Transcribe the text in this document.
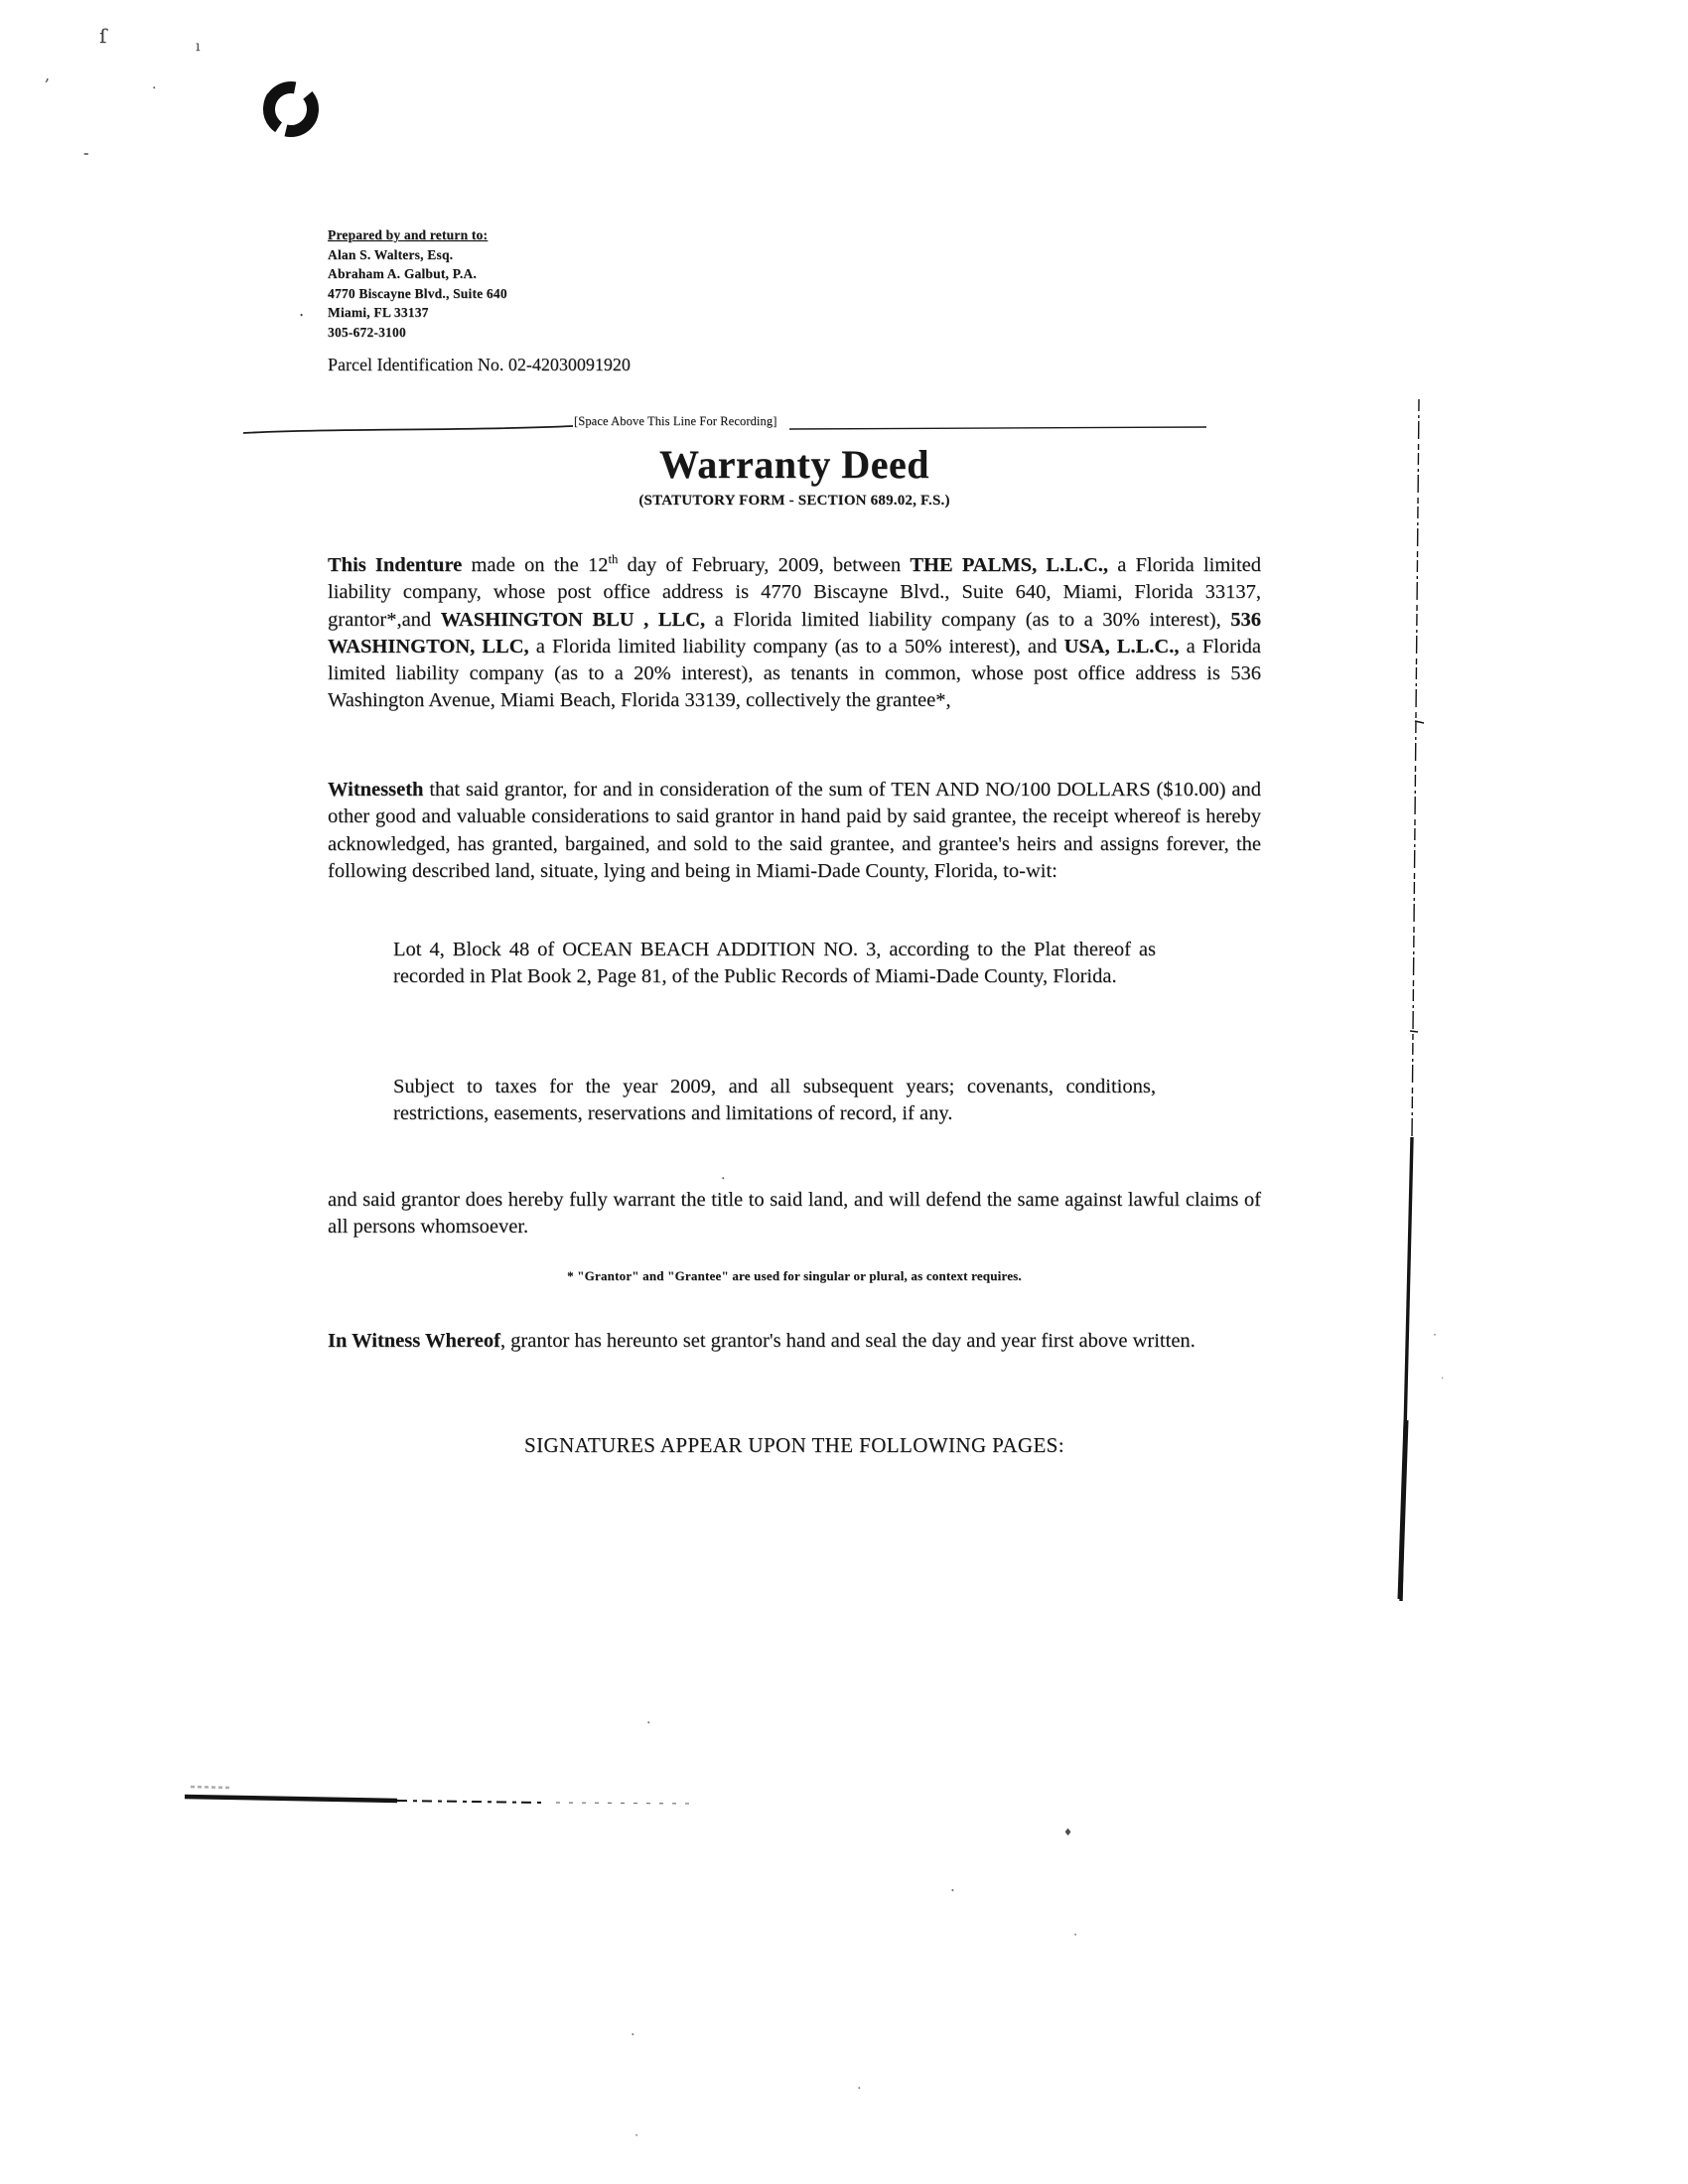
Prepared by and return to:
Alan S. Walters, Esq.
Abraham A. Galbut, P.A.
4770 Biscayne Blvd., Suite 640
Miami, FL 33137
305-672-3100
Parcel Identification No. 02-42030091920
[Space Above This Line For Recording]
Warranty Deed
(STATUTORY FORM - SECTION 689.02, F.S.)
This Indenture made on the 12th day of February, 2009, between THE PALMS, L.L.C., a Florida limited liability company, whose post office address is 4770 Biscayne Blvd., Suite 640, Miami, Florida 33137, grantor*,and WASHINGTON BLU , LLC, a Florida limited liability company (as to a 30% interest), 536 WASHINGTON, LLC, a Florida limited liability company (as to a 50% interest), and USA, L.L.C., a Florida limited liability company (as to a 20% interest), as tenants in common, whose post office address is 536 Washington Avenue, Miami Beach, Florida 33139, collectively the grantee*,
Witnesseth that said grantor, for and in consideration of the sum of TEN AND NO/100 DOLLARS ($10.00) and other good and valuable considerations to said grantor in hand paid by said grantee, the receipt whereof is hereby acknowledged, has granted, bargained, and sold to the said grantee, and grantee's heirs and assigns forever, the following described land, situate, lying and being in Miami-Dade County, Florida, to-wit:
Lot 4, Block 48 of OCEAN BEACH ADDITION NO. 3, according to the Plat thereof as recorded in Plat Book 2, Page 81, of the Public Records of Miami-Dade County, Florida.
Subject to taxes for the year 2009, and all subsequent years; covenants, conditions, restrictions, easements, reservations and limitations of record, if any.
and said grantor does hereby fully warrant the title to said land, and will defend the same against lawful claims of all persons whomsoever.
* "Grantor" and "Grantee" are used for singular or plural, as context requires.
In Witness Whereof, grantor has hereunto set grantor's hand and seal the day and year first above written.
SIGNATURES APPEAR UPON THE FOLLOWING PAGES:
ſ	ı
,
·
-
.
·
·
♦
·
·
·
·
·
·
·
